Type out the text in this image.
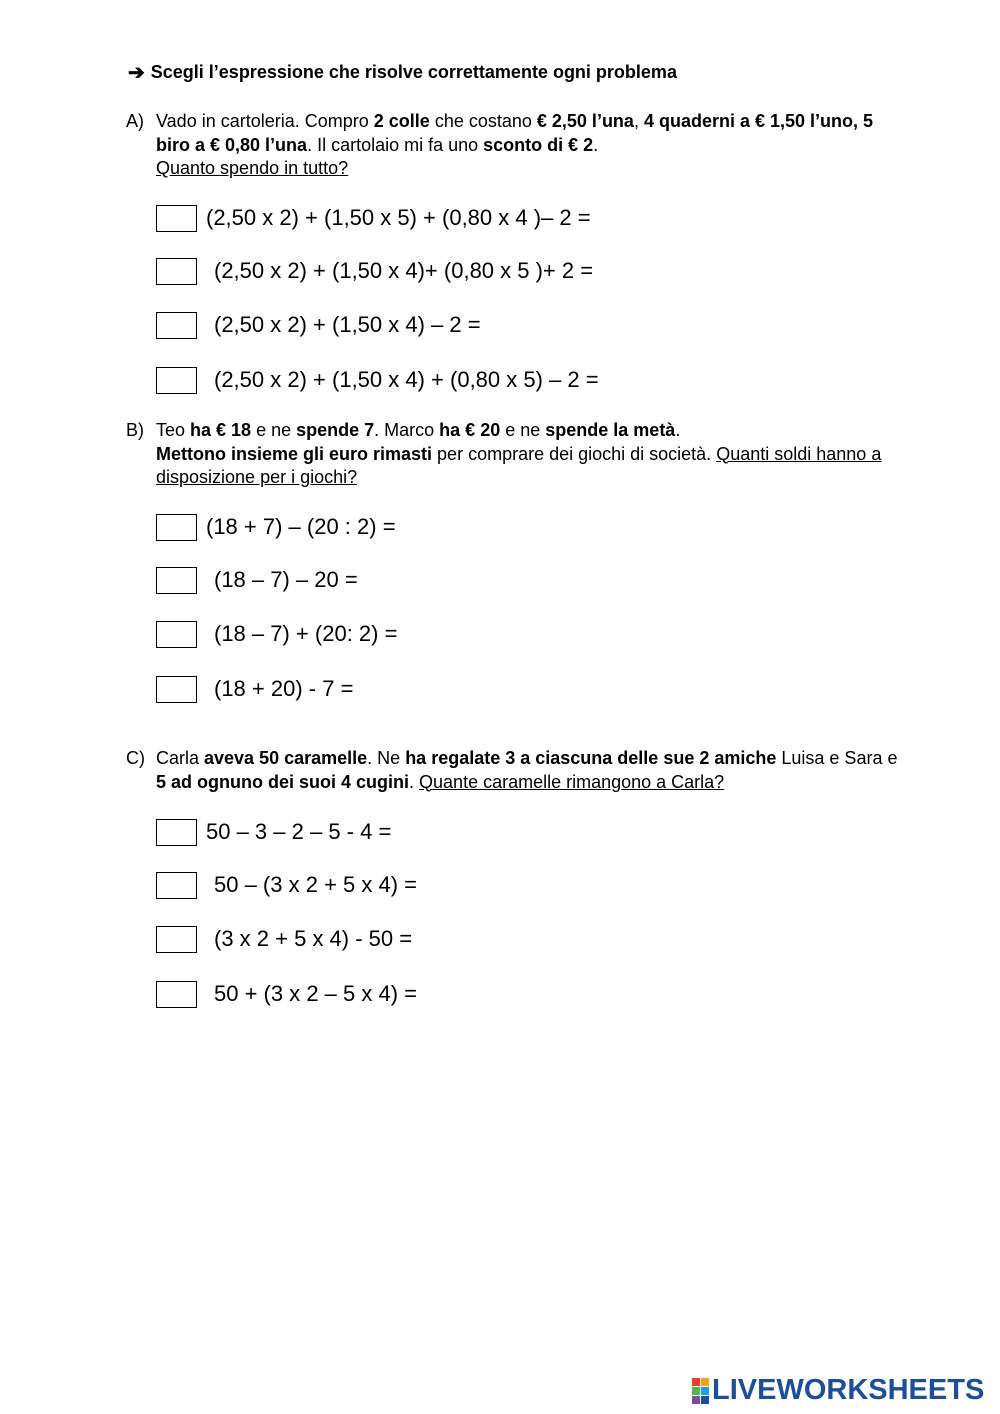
➔ Scegli l’espressione che risolve correttamente ogni problema
A) Vado in cartoleria. Compro 2 colle che costano € 2,50 l’una, 4 quaderni a € 1,50 l’uno, 5 biro a € 0,80 l’una. Il cartolaio mi fa uno sconto di € 2.
Quanto spendo in tutto?
(2,50 x 2) + (1,50 x 5) + (0,80 x 4 )– 2 =
(2,50 x 2) + (1,50 x 4)+ (0,80 x 5 )+ 2 =
(2,50 x 2) + (1,50 x 4) – 2 =
(2,50 x 2) + (1,50 x 4) + (0,80 x 5) – 2 =
B) Teo ha € 18 e ne spende 7. Marco ha € 20 e ne spende la metà.
Mettono insieme gli euro rimasti per comprare dei giochi di società. Quanti soldi hanno a disposizione per i giochi?
(18 + 7) – (20 : 2) =
(18 – 7) – 20 =
(18 – 7) + (20: 2) =
(18 + 20) - 7 =
C) Carla aveva 50 caramelle. Ne ha regalate 3 a ciascuna delle sue 2 amiche Luisa e Sara e 5 ad ognuno dei suoi 4 cugini. Quante caramelle rimangono a Carla?
50 – 3 – 2 – 5 - 4 =
50 – (3 x 2 + 5 x 4) =
(3 x 2 + 5 x 4) - 50 =
50 + (3 x 2 – 5 x 4) =
LIVEWORKSHEETS
